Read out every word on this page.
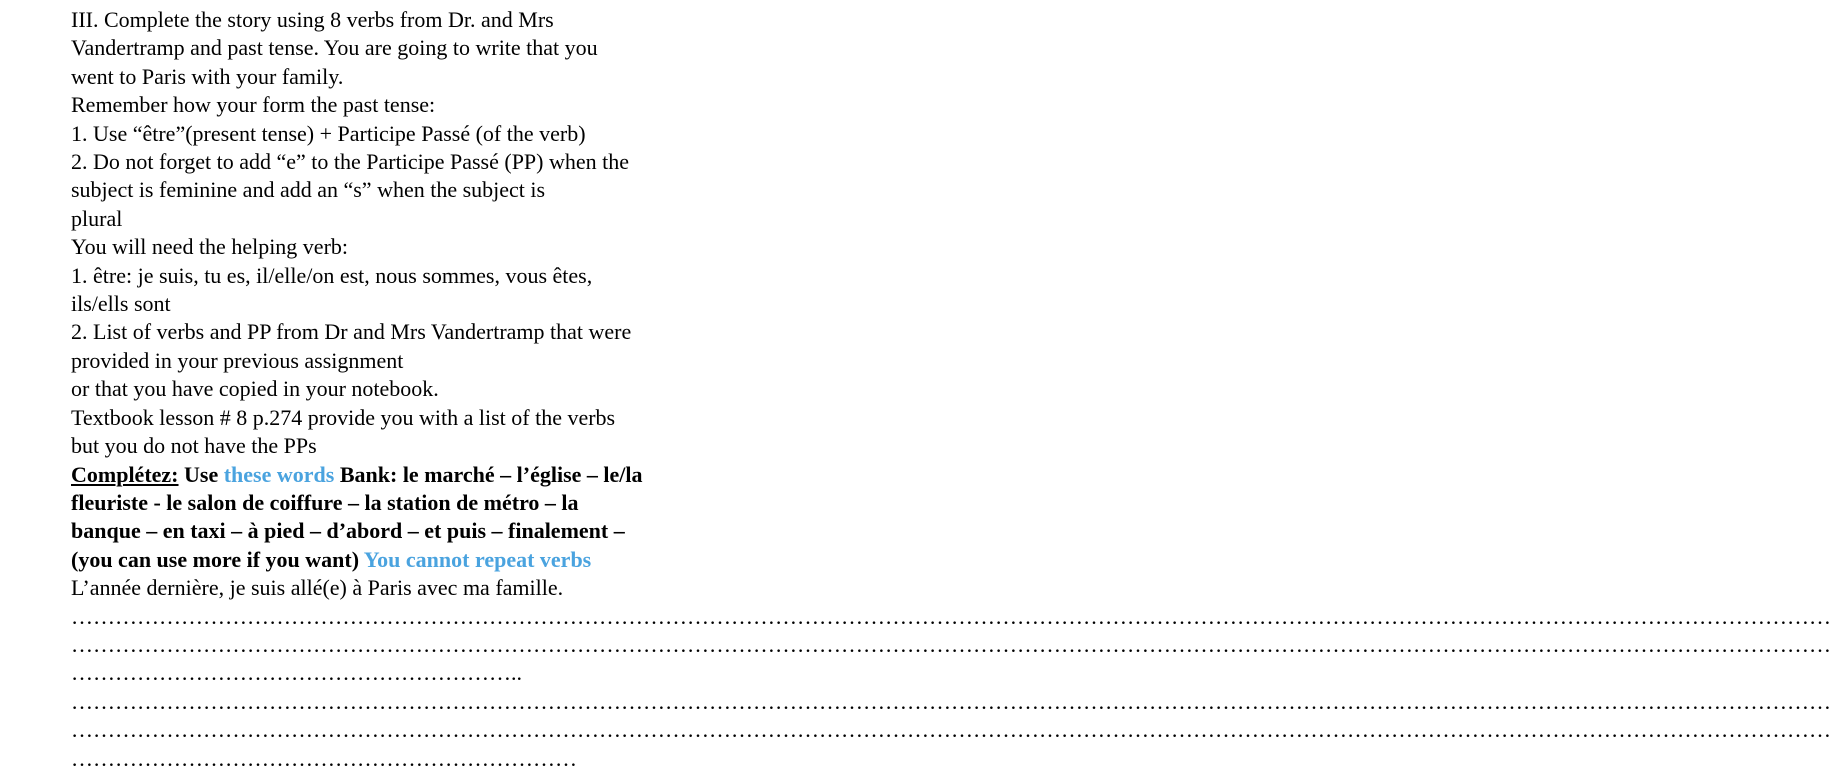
III. Complete the story using 8 verbs from Dr. and Mrs
Vandertramp and past tense. You are going to write that you
went to Paris with your family.
Remember how your form the past tense:
1. Use “être”(present tense) + Participe Passé (of the verb)
2. Do not forget to add “e” to the Participe Passé (PP) when the
subject is feminine and add an “s” when the subject is
plural
You will need the helping verb:
1. être: je suis, tu es, il/elle/on est, nous sommes, vous êtes,
ils/ells sont
2. List of verbs and PP from Dr and Mrs Vandertramp that were
provided in your previous assignment
or that you have copied in your notebook.
Textbook lesson # 8 p.274 provide you with a list of the verbs
but you do not have the PPs
Complétez: Use these words Bank: le marché – l’église – le/la
fleuriste - le salon de coiffure – la station de métro – la
banque – en taxi – à pied – d’abord – et puis – finalement –
(you can use more if you want) You cannot repeat verbs
L’année dernière, je suis allé(e) à Paris avec ma famille.
……………………………………………………………………………………………………………………………………………………………………………………………………………………
……………………………………………………………………………………………………………………………………………………………………………………………………………………
……………………………………………………..
……………………………………………………………………………………………………………………………………………………………………………………………………………………
……………………………………………………………………………………………………………………………………………………………………………………………………………………
……………………………………………………………
